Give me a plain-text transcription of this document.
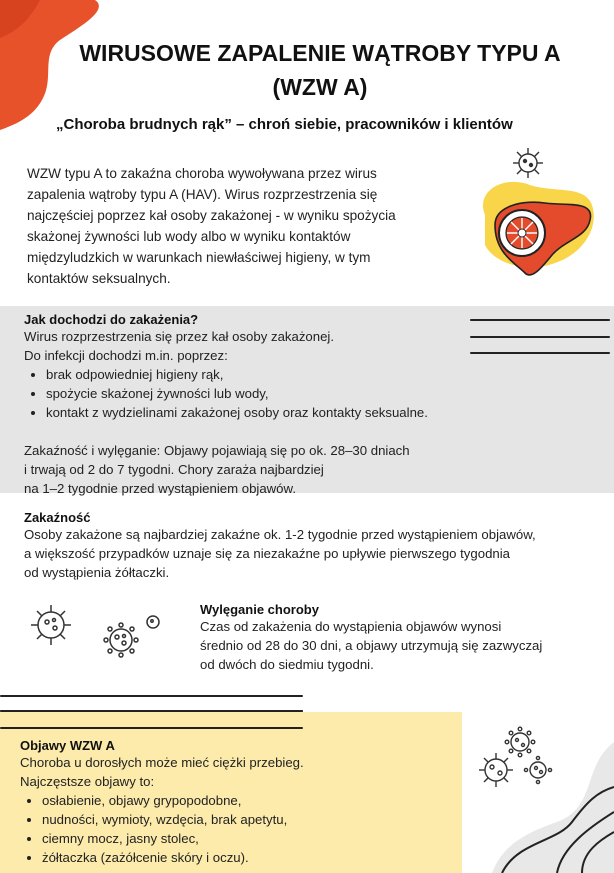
WIRUSOWE ZAPALENIE WĄTROBY TYPU A
(WZW A)
„Choroba brudnych rąk” – chroń siebie, pracowników i klientów
WZW typu A to zakaźna choroba wywoływana przez wirus
zapalenia wątroby typu A (HAV). Wirus rozprzestrzenia się
najczęściej poprzez kał osoby zakażonej - w wyniku spożycia
skażonej żywności lub wody albo w wyniku kontaktów
międzyludzkich w warunkach niewłaściwej higieny, w tym
kontaktów seksualnych.
Jak dochodzi do zakażenia?
Wirus rozprzestrzenia się przez kał osoby zakażonej.
Do infekcji dochodzi m.in. poprzez:
• brak odpowiedniej higieny rąk,
• spożycie skażonej żywności lub wody,
• kontakt z wydzielinami zakażonej osoby oraz kontakty seksualne.
Zakaźność i wylęganie: Objawy pojawiają się po ok. 28–30 dniach
i trwają od 2 do 7 tygodni. Chory zaraża najbardziej
na 1–2 tygodnie przed wystąpieniem objawów.
Zakaźność
Osoby zakażone są najbardziej zakaźne ok. 1-2 tygodnie przed wystąpieniem objawów,
a większość przypadków uznaje się za niezakaźne po upływie pierwszego tygodnia
od wystąpienia żółtaczki.
Wylęganie choroby
Czas od zakażenia do wystąpienia objawów wynosi
średnio od 28 do 30 dni, a objawy utrzymują się zazwyczaj
od dwóch do siedmiu tygodni.
Objawy WZW A
Choroba u dorosłych może mieć ciężki przebieg.
Najczęstsze objawy to:
• osłabienie, objawy grypopodobne,
• nudności, wymioty, wzdęcia, brak apetytu,
• ciemny mocz, jasny stolec,
• żółtaczka (zażółcenie skóry i oczu).
